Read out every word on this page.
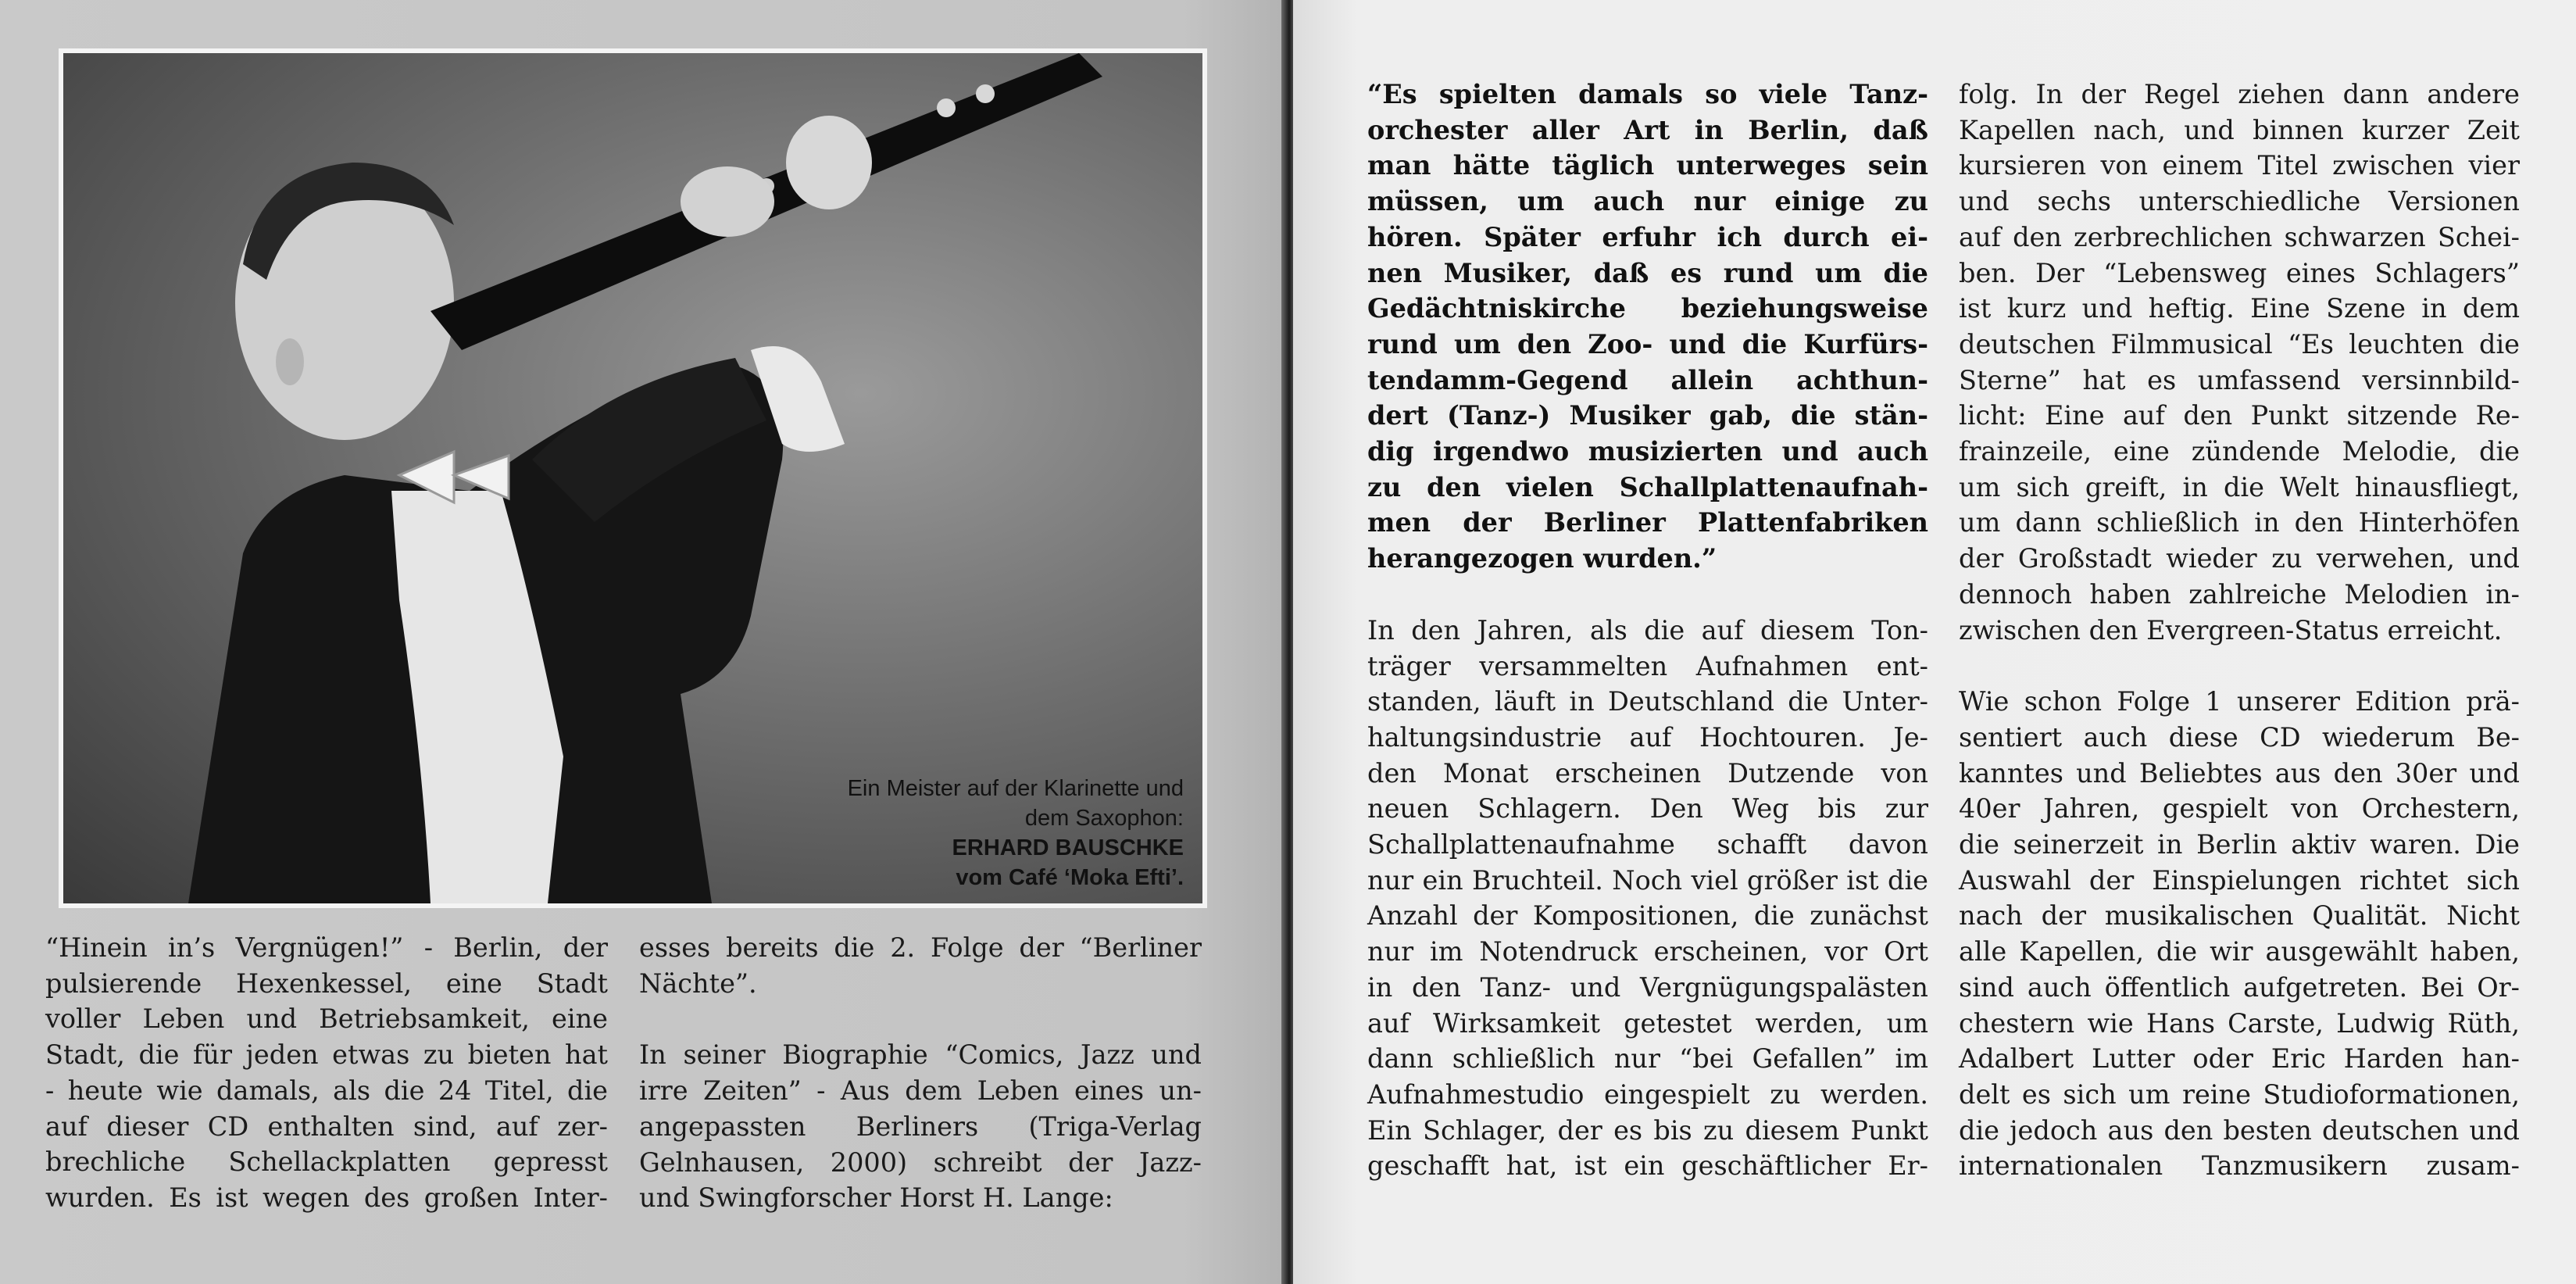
Ein Meister auf der Klarinette und
dem Saxophon:
ERHARD BAUSCHKE
vom Café ‘Moka Efti’.
“Hinein in’s Vergnügen!” - Berlin, der
pulsierende Hexenkessel, eine Stadt
voller Leben und Betriebsamkeit, eine
Stadt, die für jeden etwas zu bieten hat
- heute wie damals, als die 24 Titel, die
auf dieser CD enthalten sind, auf zer-
brechliche Schellackplatten gepresst
wurden. Es ist wegen des großen Inter-
esses bereits die 2. Folge der “Berliner
Nächte”.
In seiner Biographie “Comics, Jazz und
irre Zeiten” - Aus dem Leben eines un-
angepassten Berliners (Triga-Verlag
Gelnhausen, 2000) schreibt der Jazz-
und Swingforscher Horst H. Lange:
“Es spielten damals so viele Tanz-
orchester aller Art in Berlin, daß
man hätte täglich unterweges sein
müssen, um auch nur einige zu
hören. Später erfuhr ich durch ei-
nen Musiker, daß es rund um die
Gedächtniskirche beziehungsweise
rund um den Zoo- und die Kurfürs-
tendamm-Gegend allein achthun-
dert (Tanz-) Musiker gab, die stän-
dig irgendwo musizierten und auch
zu den vielen Schallplattenaufnah-
men der Berliner Plattenfabriken
herangezogen wurden.”
In den Jahren, als die auf diesem Ton-
träger versammelten Aufnahmen ent-
standen, läuft in Deutschland die Unter-
haltungsindustrie auf Hochtouren. Je-
den Monat erscheinen Dutzende von
neuen Schlagern. Den Weg bis zur
Schallplattenaufnahme schafft davon
nur ein Bruchteil. Noch viel größer ist die
Anzahl der Kompositionen, die zunächst
nur im Notendruck erscheinen, vor Ort
in den Tanz- und Vergnügungspalästen
auf Wirksamkeit getestet werden, um
dann schließlich nur “bei Gefallen” im
Aufnahmestudio eingespielt zu werden.
Ein Schlager, der es bis zu diesem Punkt
geschafft hat, ist ein geschäftlicher Er-
folg. In der Regel ziehen dann andere
Kapellen nach, und binnen kurzer Zeit
kursieren von einem Titel zwischen vier
und sechs unterschiedliche Versionen
auf den zerbrechlichen schwarzen Schei-
ben. Der “Lebensweg eines Schlagers”
ist kurz und heftig. Eine Szene in dem
deutschen Filmmusical “Es leuchten die
Sterne” hat es umfassend versinnbild-
licht: Eine auf den Punkt sitzende Re-
frainzeile, eine zündende Melodie, die
um sich greift, in die Welt hinausfliegt,
um dann schließlich in den Hinterhöfen
der Großstadt wieder zu verwehen, und
dennoch haben zahlreiche Melodien in-
zwischen den Evergreen-Status erreicht.
Wie schon Folge 1 unserer Edition prä-
sentiert auch diese CD wiederum Be-
kanntes und Beliebtes aus den 30er und
40er Jahren, gespielt von Orchestern,
die seinerzeit in Berlin aktiv waren. Die
Auswahl der Einspielungen richtet sich
nach der musikalischen Qualität. Nicht
alle Kapellen, die wir ausgewählt haben,
sind auch öffentlich aufgetreten. Bei Or-
chestern wie Hans Carste, Ludwig Rüth,
Adalbert Lutter oder Eric Harden han-
delt es sich um reine Studioformationen,
die jedoch aus den besten deutschen und
internationalen Tanzmusikern zusam-
